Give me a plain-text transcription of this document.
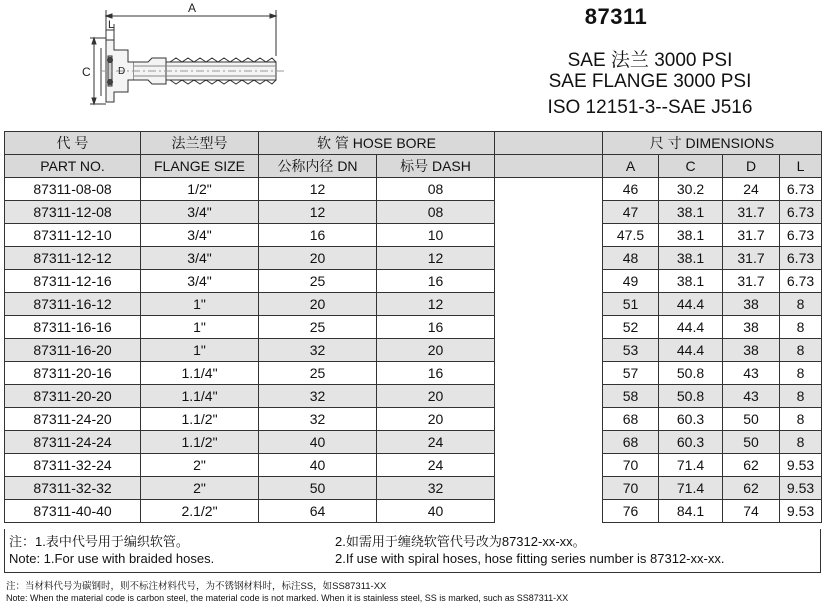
A
L
C	D
87311
SAE 法兰 3000 PSI
SAE FLANGE 3000 PSI
ISO 12151-3--SAE J516
代 号	法兰型号	软 管 HOSE BORE			尺 寸 DIMENSIONS			
PART NO.	FLANGE SIZE	公称内径 DN	标号 DASH		A	C	D	L
87311-08-08	1/2"	12	08		46	30.2	24	6.73
87311-12-08	3/4"	12	08		47	38.1	31.7	6.73
87311-12-10	3/4"	16	10		47.5	38.1	31.7	6.73
87311-12-12	3/4"	20	12		48	38.1	31.7	6.73
87311-12-16	3/4"	25	16		49	38.1	31.7	6.73
87311-16-12	1"	20	12		51	44.4	38	8
87311-16-16	1"	25	16		52	44.4	38	8
87311-16-20	1"	32	20		53	44.4	38	8
87311-20-16	1.1/4"	25	16		57	50.8	43	8
87311-20-20	1.1/4"	32	20		58	50.8	43	8
87311-24-20	1.1/2"	32	20		68	60.3	50	8
87311-24-24	1.1/2"	40	24		68	60.3	50	8
87311-32-24	2"	40	24		70	71.4	62	9.53
87311-32-32	2"	50	32		70	71.4	62	9.53
87311-40-40	2.1/2"	64	40		76	84.1	74	9.53
注：1.表中代号用于编织软管。	2.如需用于缠绕软管代号改为87312-xx-xx。
Note: 1.For use with braided hoses.	2.If use with spiral hoses, hose fitting series number is 87312-xx-xx.
注：当材料代号为碳钢时，则不标注材料代号，为不锈钢材料时，标注SS，如SS87311-XX
Note: When the material code is carbon steel, the material code is not marked. When it is stainless steel, SS is marked, such as SS87311-XX
